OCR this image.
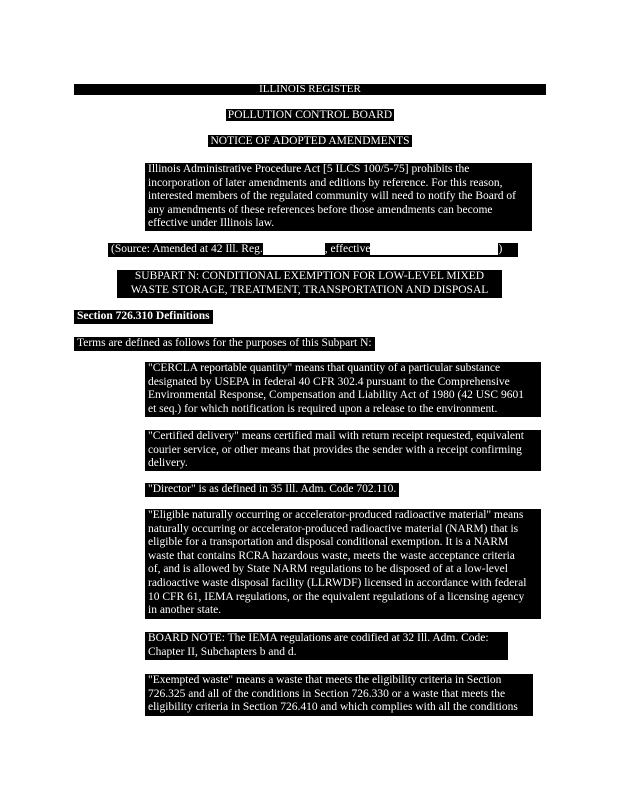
ILLINOIS REGISTER
POLLUTION CONTROL BOARD
NOTICE OF ADOPTED AMENDMENTS
Illinois Administrative Procedure Act [5 ILCS 100/5-75] prohibits the
incorporation of later amendments and editions by reference. For this reason,
interested members of the regulated community will need to notify the Board of
any amendments of these references before those amendments can become
effective under Illinois law.
(Source: Amended at 42 Ill. Reg.	, effective	)
SUBPART N: CONDITIONAL EXEMPTION FOR LOW-LEVEL MIXED
WASTE STORAGE, TREATMENT, TRANSPORTATION AND DISPOSAL
Section 726.310 Definitions
Terms are defined as follows for the purposes of this Subpart N:
"CERCLA reportable quantity" means that quantity of a particular substance
designated by USEPA in federal 40 CFR 302.4 pursuant to the Comprehensive
Environmental Response, Compensation and Liability Act of 1980 (42 USC 9601
et seq.) for which notification is required upon a release to the environment.
"Certified delivery" means certified mail with return receipt requested, equivalent
courier service, or other means that provides the sender with a receipt confirming
delivery.
"Director" is as defined in 35 Ill. Adm. Code 702.110.
"Eligible naturally occurring or accelerator-produced radioactive material" means
naturally occurring or accelerator-produced radioactive material (NARM) that is
eligible for a transportation and disposal conditional exemption. It is a NARM
waste that contains RCRA hazardous waste, meets the waste acceptance criteria
of, and is allowed by State NARM regulations to be disposed of at a low-level
radioactive waste disposal facility (LLRWDF) licensed in accordance with federal
10 CFR 61, IEMA regulations, or the equivalent regulations of a licensing agency
in another state.
BOARD NOTE: The IEMA regulations are codified at 32 Ill. Adm. Code:
Chapter II, Subchapters b and d.
"Exempted waste" means a waste that meets the eligibility criteria in Section
726.325 and all of the conditions in Section 726.330 or a waste that meets the
eligibility criteria in Section 726.410 and which complies with all the conditions
